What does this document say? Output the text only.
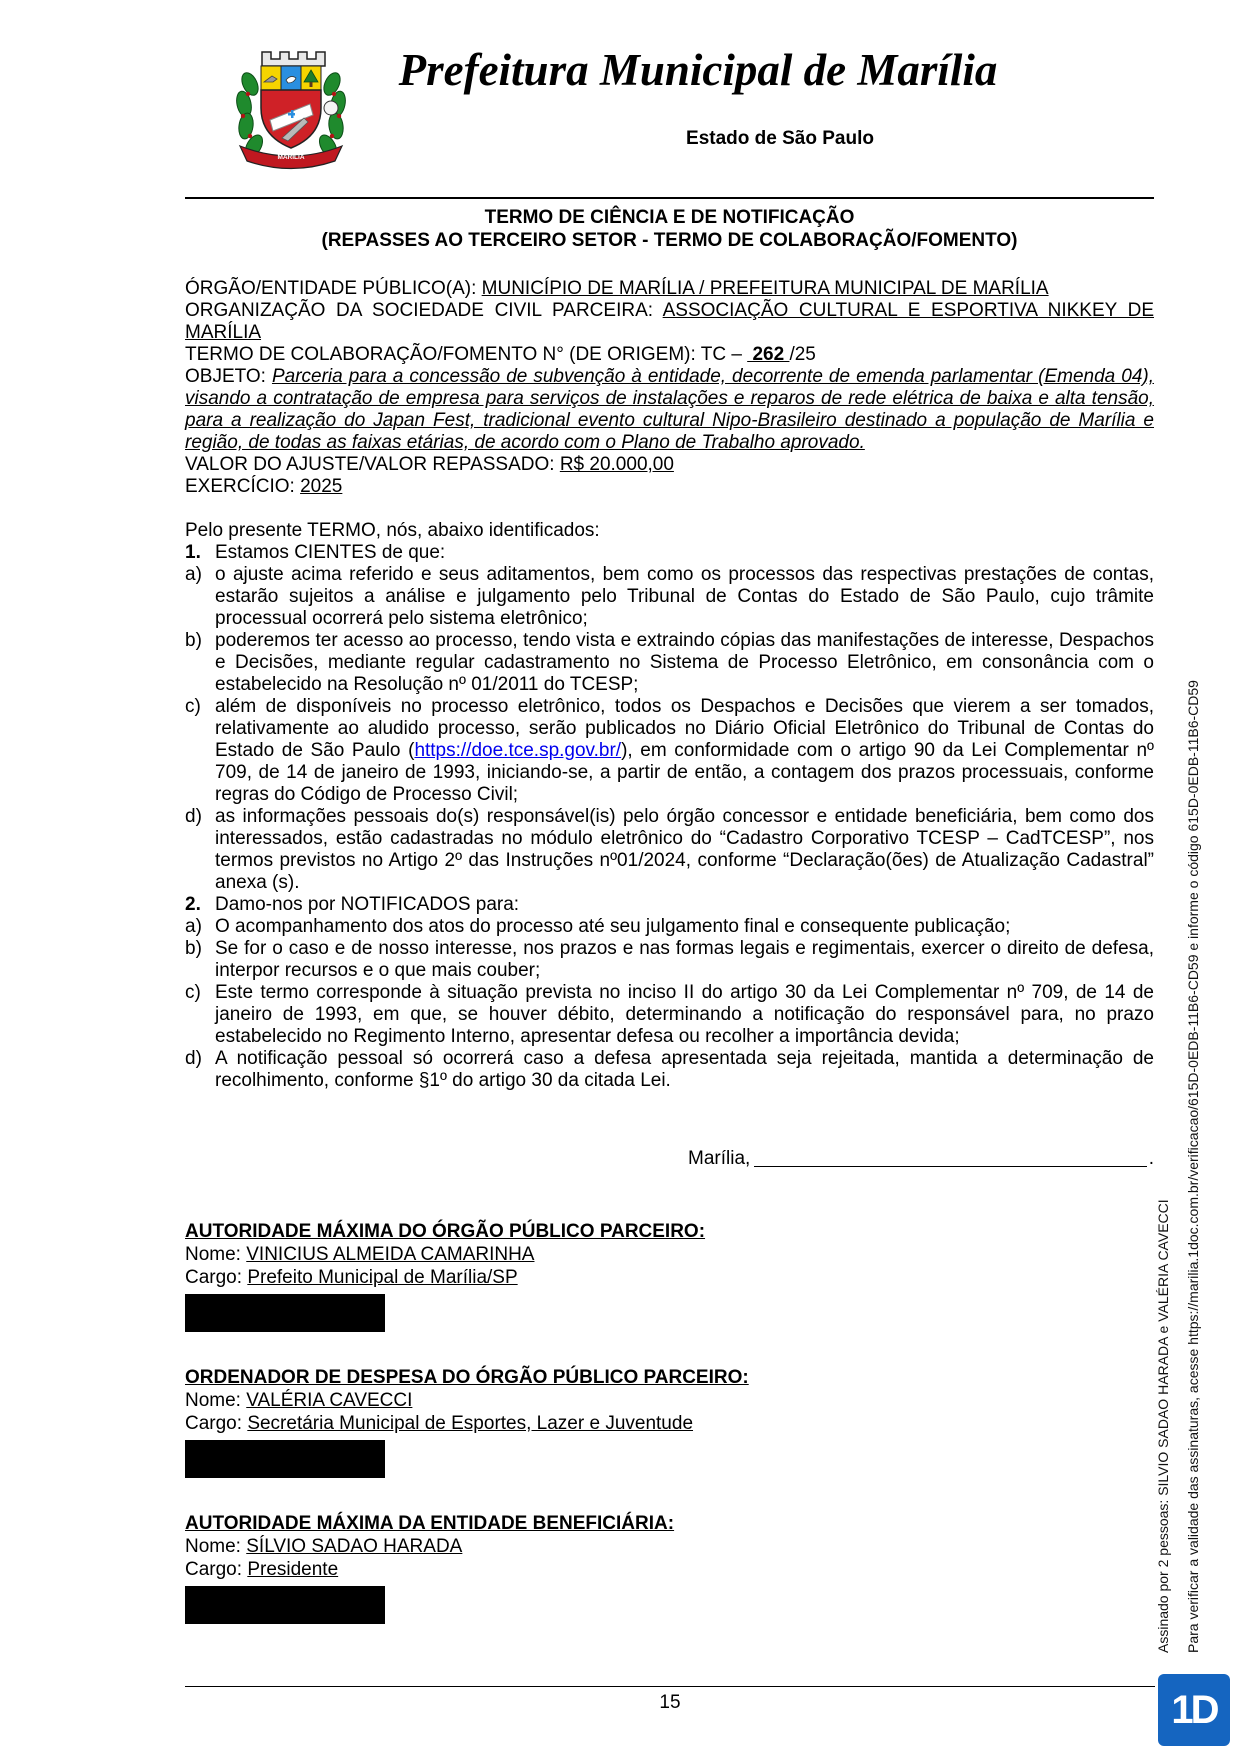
MARÍLIA
Prefeitura Municipal de Marília
Estado de São Paulo
TERMO DE CIÊNCIA E DE NOTIFICAÇÃO
(REPASSES AO TERCEIRO SETOR - TERMO DE COLABORAÇÃO/FOMENTO)
ÓRGÃO/ENTIDADE PÚBLICO(A): MUNICÍPIO DE MARÍLIA / PREFEITURA MUNICIPAL DE MARÍLIA
ORGANIZAÇÃO DA SOCIEDADE CIVIL PARCEIRA: ASSOCIAÇÃO CULTURAL E ESPORTIVA NIKKEY DE MARÍLIA
TERMO DE COLABORAÇÃO/FOMENTO N° (DE ORIGEM): TC –  262 /25
OBJETO: Parceria para a concessão de subvenção à entidade, decorrente de emenda parlamentar (Emenda 04), visando a contratação de empresa para serviços de instalações e reparos de rede elétrica de baixa e alta tensão, para a realização do Japan Fest, tradicional evento cultural Nipo-Brasileiro destinado a população de Marília e região, de todas as faixas etárias, de acordo com o Plano de Trabalho aprovado.
VALOR DO AJUSTE/VALOR REPASSADO: R$ 20.000,00
EXERCÍCIO: 2025
Pelo presente TERMO, nós, abaixo identificados:
1. Estamos CIENTES de que:
a) o ajuste acima referido e seus aditamentos, bem como os processos das respectivas prestações de contas, estarão sujeitos a análise e julgamento pelo Tribunal de Contas do Estado de São Paulo, cujo trâmite processual ocorrerá pelo sistema eletrônico;
b) poderemos ter acesso ao processo, tendo vista e extraindo cópias das manifestações de interesse, Despachos e Decisões, mediante regular cadastramento no Sistema de Processo Eletrônico, em consonância com o estabelecido na Resolução nº 01/2011 do TCESP;
c) além de disponíveis no processo eletrônico, todos os Despachos e Decisões que vierem a ser tomados, relativamente ao aludido processo, serão publicados no Diário Oficial Eletrônico do Tribunal de Contas do Estado de São Paulo (https://doe.tce.sp.gov.br/), em conformidade com o artigo 90 da Lei Complementar nº 709, de 14 de janeiro de 1993, iniciando-se, a partir de então, a contagem dos prazos processuais, conforme regras do Código de Processo Civil;
d) as informações pessoais do(s) responsável(is) pelo órgão concessor e entidade beneficiária, bem como dos interessados, estão cadastradas no módulo eletrônico do “Cadastro Corporativo TCESP – CadTCESP”, nos termos previstos no Artigo 2º das Instruções nº01/2024, conforme “Declaração(ões) de Atualização Cadastral” anexa (s).
2. Damo-nos por NOTIFICADOS para:
a) O acompanhamento dos atos do processo até seu julgamento final e consequente publicação;
b) Se for o caso e de nosso interesse, nos prazos e nas formas legais e regimentais, exercer o direito de defesa, interpor recursos e o que mais couber;
c) Este termo corresponde à situação prevista no inciso II do artigo 30 da Lei Complementar nº 709, de 14 de janeiro de 1993, em que, se houver débito, determinando a notificação do responsável para, no prazo estabelecido no Regimento Interno, apresentar defesa ou recolher a importância devida;
d) A notificação pessoal só ocorrerá caso a defesa apresentada seja rejeitada, mantida a determinação de recolhimento, conforme §1º do artigo 30 da citada Lei.
Marília,	.
AUTORIDADE MÁXIMA DO ÓRGÃO PÚBLICO PARCEIRO:
Nome: VINICIUS ALMEIDA CAMARINHA
Cargo: Prefeito Municipal de Marília/SP
ORDENADOR DE DESPESA DO ÓRGÃO PÚBLICO PARCEIRO:
Nome: VALÉRIA CAVECCI
Cargo: Secretária Municipal de Esportes, Lazer e Juventude
AUTORIDADE MÁXIMA DA ENTIDADE BENEFICIÁRIA:
Nome: SÍLVIO SADAO HARADA
Cargo: Presidente
15
Assinado por 2 pessoas: SILVIO SADAO HARADA e VALÉRIA CAVECCI Para verificar a validade das assinaturas, acesse https://marilia.1doc.com.br/verificacao/615D-0EDB-11B6-CD59 e informe o código 615D-0EDB-11B6-CD59
1D
